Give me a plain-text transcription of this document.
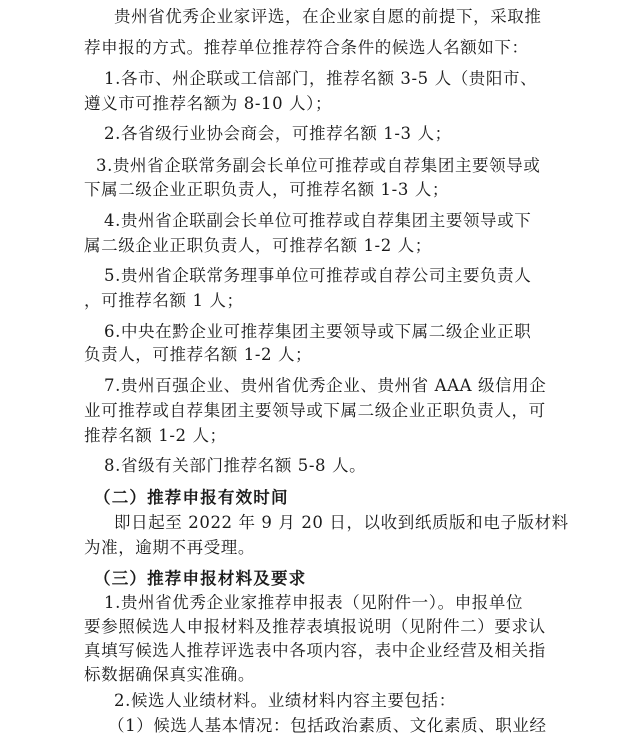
贵州省优秀企业家评选，在企业家自愿的前提下，采取推
荐申报的方式。推荐单位推荐符合条件的候选人名额如下：
1.各市、州企联或工信部门，推荐名额 3-5 人（贵阳市、
遵义市可推荐名额为 8-10 人）；
2.各省级行业协会商会，可推荐名额 1-3 人；
3.贵州省企联常务副会长单位可推荐或自荐集团主要领导或
下属二级企业正职负责人，可推荐名额 1-3 人；
4.贵州省企联副会长单位可推荐或自荐集团主要领导或下
属二级企业正职负责人，可推荐名额 1-2 人；
5.贵州省企联常务理事单位可推荐或自荐公司主要负责人
，可推荐名额 1 人；
6.中央在黔企业可推荐集团主要领导或下属二级企业正职
负责人，可推荐名额 1-2 人；
7.贵州百强企业、贵州省优秀企业、贵州省 AAA 级信用企
业可推荐或自荐集团主要领导或下属二级企业正职负责人，可
推荐名额 1-2 人；
8.省级有关部门推荐名额 5-8 人。
（二）推荐申报有效时间
即日起至 2022 年 9 月 20 日，以收到纸质版和电子版材料
为准，逾期不再受理。
（三）推荐申报材料及要求
1.贵州省优秀企业家推荐申报表（见附件一）。申报单位
要参照候选人申报材料及推荐表填报说明（见附件二）要求认
真填写候选人推荐评选表中各项内容，表中企业经营及相关指
标数据确保真实准确。
2.候选人业绩材料。业绩材料内容主要包括：
（1）候选人基本情况：包括政治素质、文化素质、职业经
